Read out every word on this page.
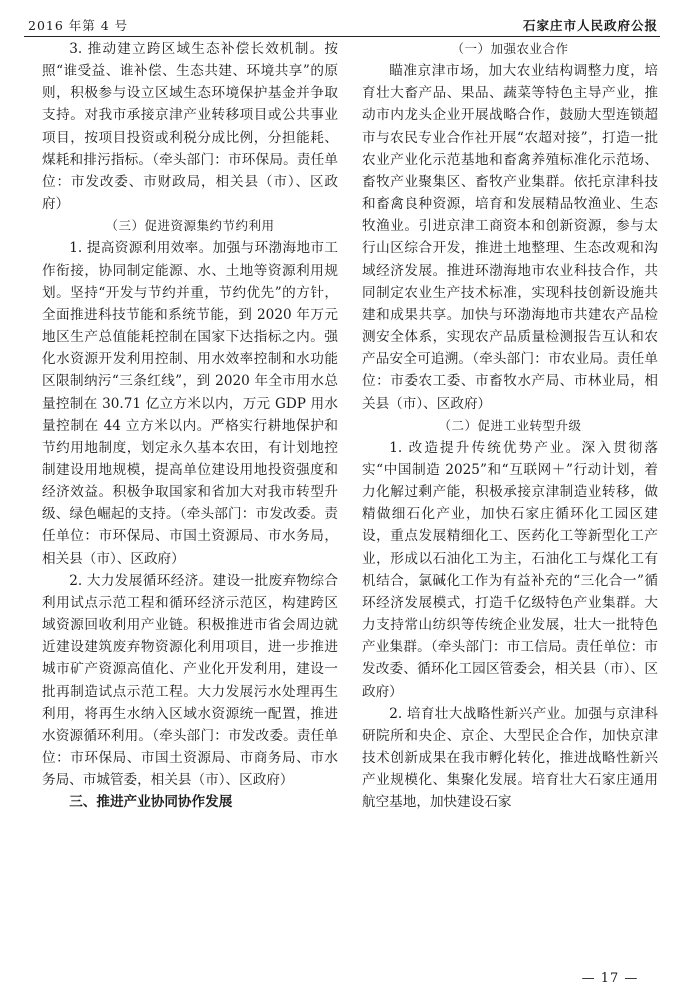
2016 年第 4 号	石家庄市人民政府公报

3. 推动建立跨区域生态补偿长效机制。按照“谁受益、谁补偿、生态共建、环境共享”的原则，积极参与设立区域生态环境保护基金并争取支持。对我市承接京津产业转移项目或公共事业项目，按项目投资或利税分成比例，分担能耗、煤耗和排污指标。（牵头部门：市环保局。责任单位：市发改委、市财政局，相关县（市）、区政府）

（三）促进资源集约节约利用

1. 提高资源利用效率。加强与环渤海地市工作衔接，协同制定能源、水、土地等资源利用规划。坚持“开发与节约并重，节约优先”的方针，全面推进科技节能和系统节能，到 2020 年万元地区生产总值能耗控制在国家下达指标之内。强化水资源开发利用控制、用水效率控制和水功能区限制纳污“三条红线”，到 2020 年全市用水总量控制在 30.71 亿立方米以内，万元 GDP 用水量控制在 44 立方米以内。严格实行耕地保护和节约用地制度，划定永久基本农田，有计划地控制建设用地规模，提高单位建设用地投资强度和经济效益。积极争取国家和省加大对我市转型升级、绿色崛起的支持。（牵头部门：市发改委。责任单位：市环保局、市国土资源局、市水务局，相关县（市）、区政府）

2. 大力发展循环经济。建设一批废弃物综合利用试点示范工程和循环经济示范区，构建跨区域资源回收利用产业链。积极推进市省会周边就近建设建筑废弃物资源化利用项目，进一步推进城市矿产资源高值化、产业化开发利用，建设一批再制造试点示范工程。大力发展污水处理再生利用，将再生水纳入区域水资源统一配置，推进水资源循环利用。（牵头部门：市发改委。责任单位：市环保局、市国土资源局、市商务局、市水务局、市城管委，相关县（市）、区政府）

三、推进产业协同协作发展

（一）加强农业合作

瞄准京津市场，加大农业结构调整力度，培育壮大畜产品、果品、蔬菜等特色主导产业，推动市内龙头企业开展战略合作，鼓励大型连锁超市与农民专业合作社开展“农超对接”，打造一批农业产业化示范基地和畜禽养殖标准化示范场、畜牧产业聚集区、畜牧产业集群。依托京津科技和畜禽良种资源，培育和发展精品牧渔业、生态牧渔业。引进京津工商资本和创新资源，参与太行山区综合开发，推进土地整理、生态改观和沟域经济发展。推进环渤海地市农业科技合作，共同制定农业生产技术标准，实现科技创新设施共建和成果共享。加快与环渤海地市共建农产品检测安全体系，实现农产品质量检测报告互认和农产品安全可追溯。（牵头部门：市农业局。责任单位：市委农工委、市畜牧水产局、市林业局，相关县（市）、区政府）

（二）促进工业转型升级

1. 改造提升传统优势产业。深入贯彻落实“中国制造 2025”和“互联网＋”行动计划，着力化解过剩产能，积极承接京津制造业转移，做精做细石化产业，加快石家庄循环化工园区建设，重点发展精细化工、医药化工等新型化工产业，形成以石油化工为主，石油化工与煤化工有机结合，氯碱化工作为有益补充的“三化合一”循环经济发展模式，打造千亿级特色产业集群。大力支持常山纺织等传统企业发展，壮大一批特色产业集群。（牵头部门：市工信局。责任单位：市发改委、循环化工园区管委会，相关县（市）、区政府）

2. 培育壮大战略性新兴产业。加强与京津科研院所和央企、京企、大型民企合作，加快京津技术创新成果在我市孵化转化，推进战略性新兴产业规模化、集聚化发展。培育壮大石家庄通用航空基地，加快建设石家

— 17 —
